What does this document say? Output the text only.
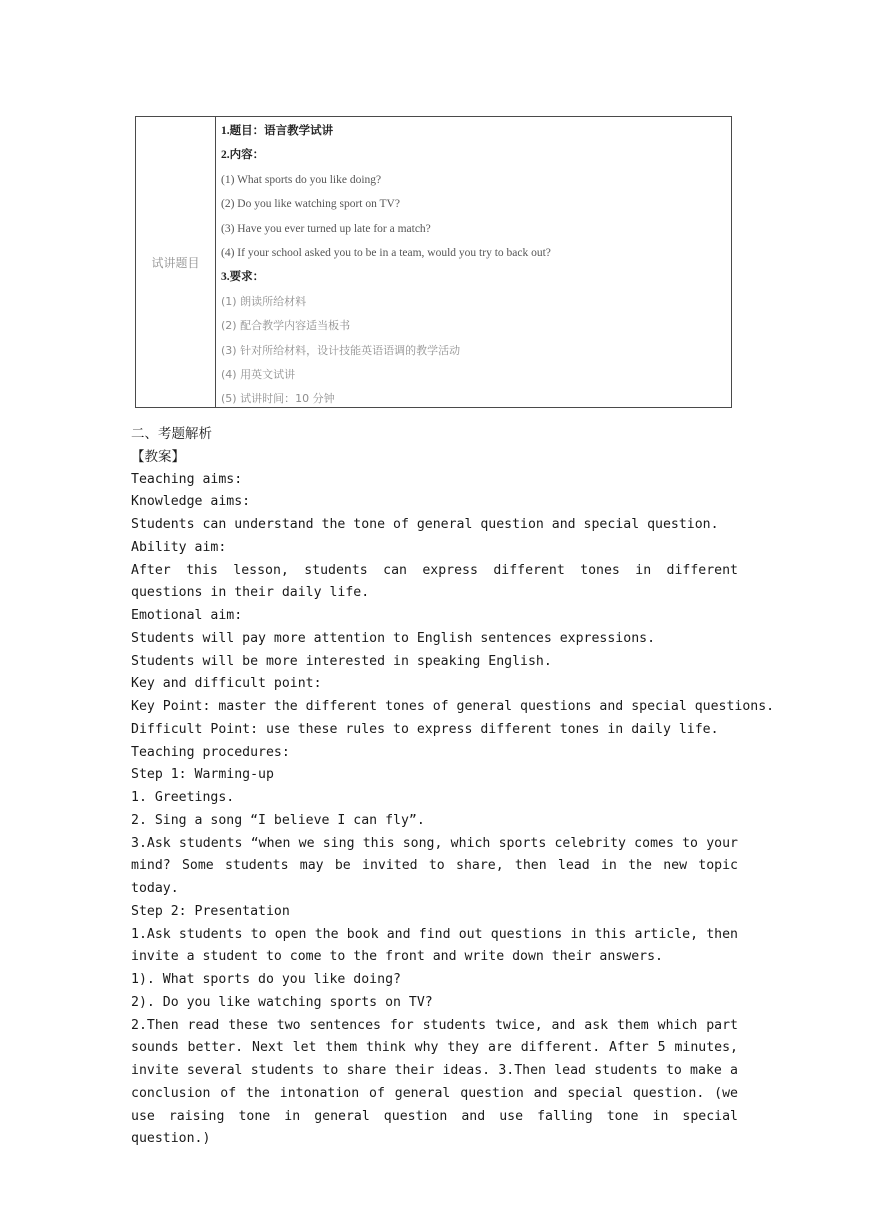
试讲题目
1.题目：语言教学试讲
2.内容：
(1) What sports do you like doing?
(2) Do you like watching sport on TV?
(3) Have you ever turned up late for a match?
(4) If your school asked you to be in a team, would you try to back out?
3.要求：
(1) 朗读所给材料
(2) 配合教学内容适当板书
(3) 针对所给材料，设计技能英语语调的教学活动
(4) 用英文试讲
(5) 试讲时间：10 分钟

二、考题解析

【教案】

Teaching aims:

Knowledge aims:

Students can understand the tone of general question and special question.

Ability aim:

After this lesson, students can express different tones in different questions in their daily life.

Emotional aim:

Students will pay more attention to English sentences expressions.

Students will be more interested in speaking English.

Key and difficult point:

Key Point: master the different tones of general questions and special questions.

Difficult Point: use these rules to express different tones in daily life.

Teaching procedures:

Step 1: Warming-up

1. Greetings.

2. Sing a song “I believe I can fly”.

3.Ask students “when we sing this song, which sports celebrity comes to your mind? Some students may be invited to share, then lead in the new topic today.

Step 2: Presentation

1.Ask students to open the book and find out questions in this article, then invite a student to come to the front and write down their answers.

1). What sports do you like doing?

2). Do you like watching sports on TV?

2.Then read these two sentences for students twice, and ask them which part sounds better. Next let them think why they are different. After 5 minutes, invite several students to share their ideas. 3.Then lead students to make a conclusion of the intonation of general question and special question. (we use raising tone in general question and use falling tone in special question.)
